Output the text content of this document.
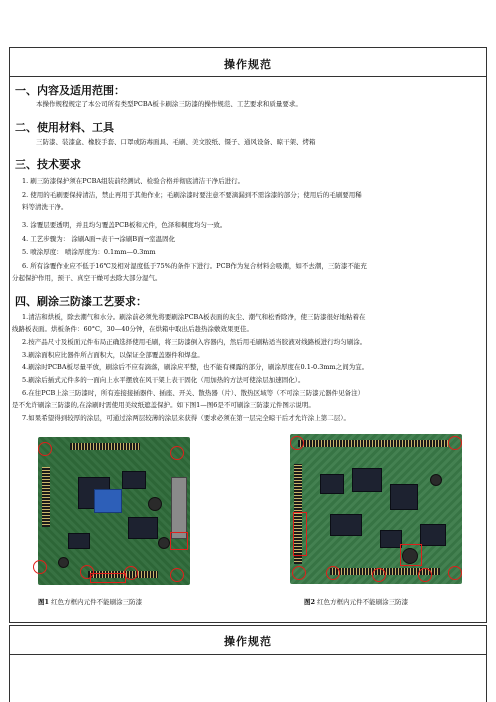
操作规范
一、内容及适用范围：
本操作规程规定了本公司所有类型PCBA板卡刷涂三防漆的操作规范、工艺要求和质量要求。
二、使用材料、工具
三防漆、装漆盒、橡胶手套、口罩或防毒面具、毛刷、美文胶纸、镊子、通风设备、晾干架、烤箱
三、技术要求
1. 刷三防漆保护须在PCBA组装前经测试、检验合格并彻底清洁干净后进行。
2. 使用的毛刷要保持清洁，禁止再用于其他作业；毛刷涂漆时要注意不要滴漏到不需涂漆的部分；使用后的毛刷要用稀
料等清洗干净。
3. 涂覆层要透明，并且均匀覆盖PCB板和元件，色泽和稠度均匀一致。
4. 工艺步骤为： 涂刷A面→表干→涂刷B面→室温固化
5. 喷涂厚度： 喷涂厚度为：0.1mm—0.3mm
6. 所有涂覆作业应不低于16℃及相对湿度低于75%的条件下进行。PCB作为复合材料会吸潮，如不去潮，三防漆不能充
分起保护作用，预干、真空干燥可去除大部分湿气。
四、刷涂三防漆工艺要求：
1.清洁和烘板，除去潮气和水分。刷涂前必须先将要刷涂PCBA板表面的灰尘、潮气和松香除净，使三防漆很好地粘着在
线路板表面。烘板条件：60°C，30—40分钟，在烘箱中取出后趁热涂敷效果更佳。
2.按产品尺寸及板面元件布局正确选择使用毛刷，将三防漆倒入容器内，然后用毛刷粘适当胶液对线路板进行均匀刷涂。
3.刷涂面积应比器件所占面积大，以保证全部覆盖器件和焊盘。
4.刷涂时PCBA板尽量平放，刷涂后不应有滴落，刷涂应平整，也不能有裸露的部分，刷涂厚度在0.1-0.3mm之间为宜。
5.刷涂后插式元件多的一面向上水平摆放在风干架上表干固化（用加热的方法可使涂层加速固化）。
6.在往PCB上涂三防漆时，所有连接接插器件、插座、开关、散热器（片）、散热区域等（不可涂三防漆元器件见备注）
是不允许刷涂三防漆的,在涂刷时需使用美纹纸遮盖保护。如下图1—图6是不可刷涂三防漆元件图示说明。
7.如果希望得到较厚的涂层，可通过涂两层较薄的涂层来获得（要求必须在第一层完全晾干后才允许涂上第二层）。
图1 红色方框内元件不能刷涂三防漆	图2 红色方框内元件不能刷涂三防漆
操作规范
